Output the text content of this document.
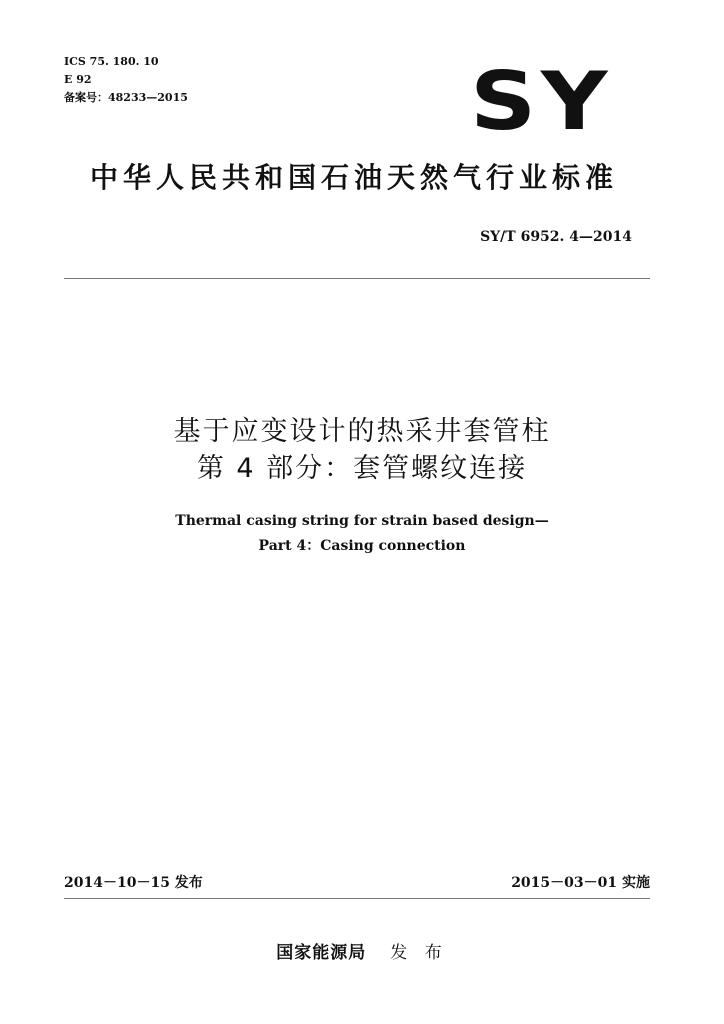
ICS 75. 180. 10
E 92
备案号：48233—2015	SY
中华人民共和国石油天然气行业标准
SY/T 6952. 4—2014
基于应变设计的热采井套管柱
第 4 部分：套管螺纹连接
Thermal casing string for strain based design—
Part 4：Casing connection
2014－10－15 发布	2015－03－01 实施
国家能源局 发 布
